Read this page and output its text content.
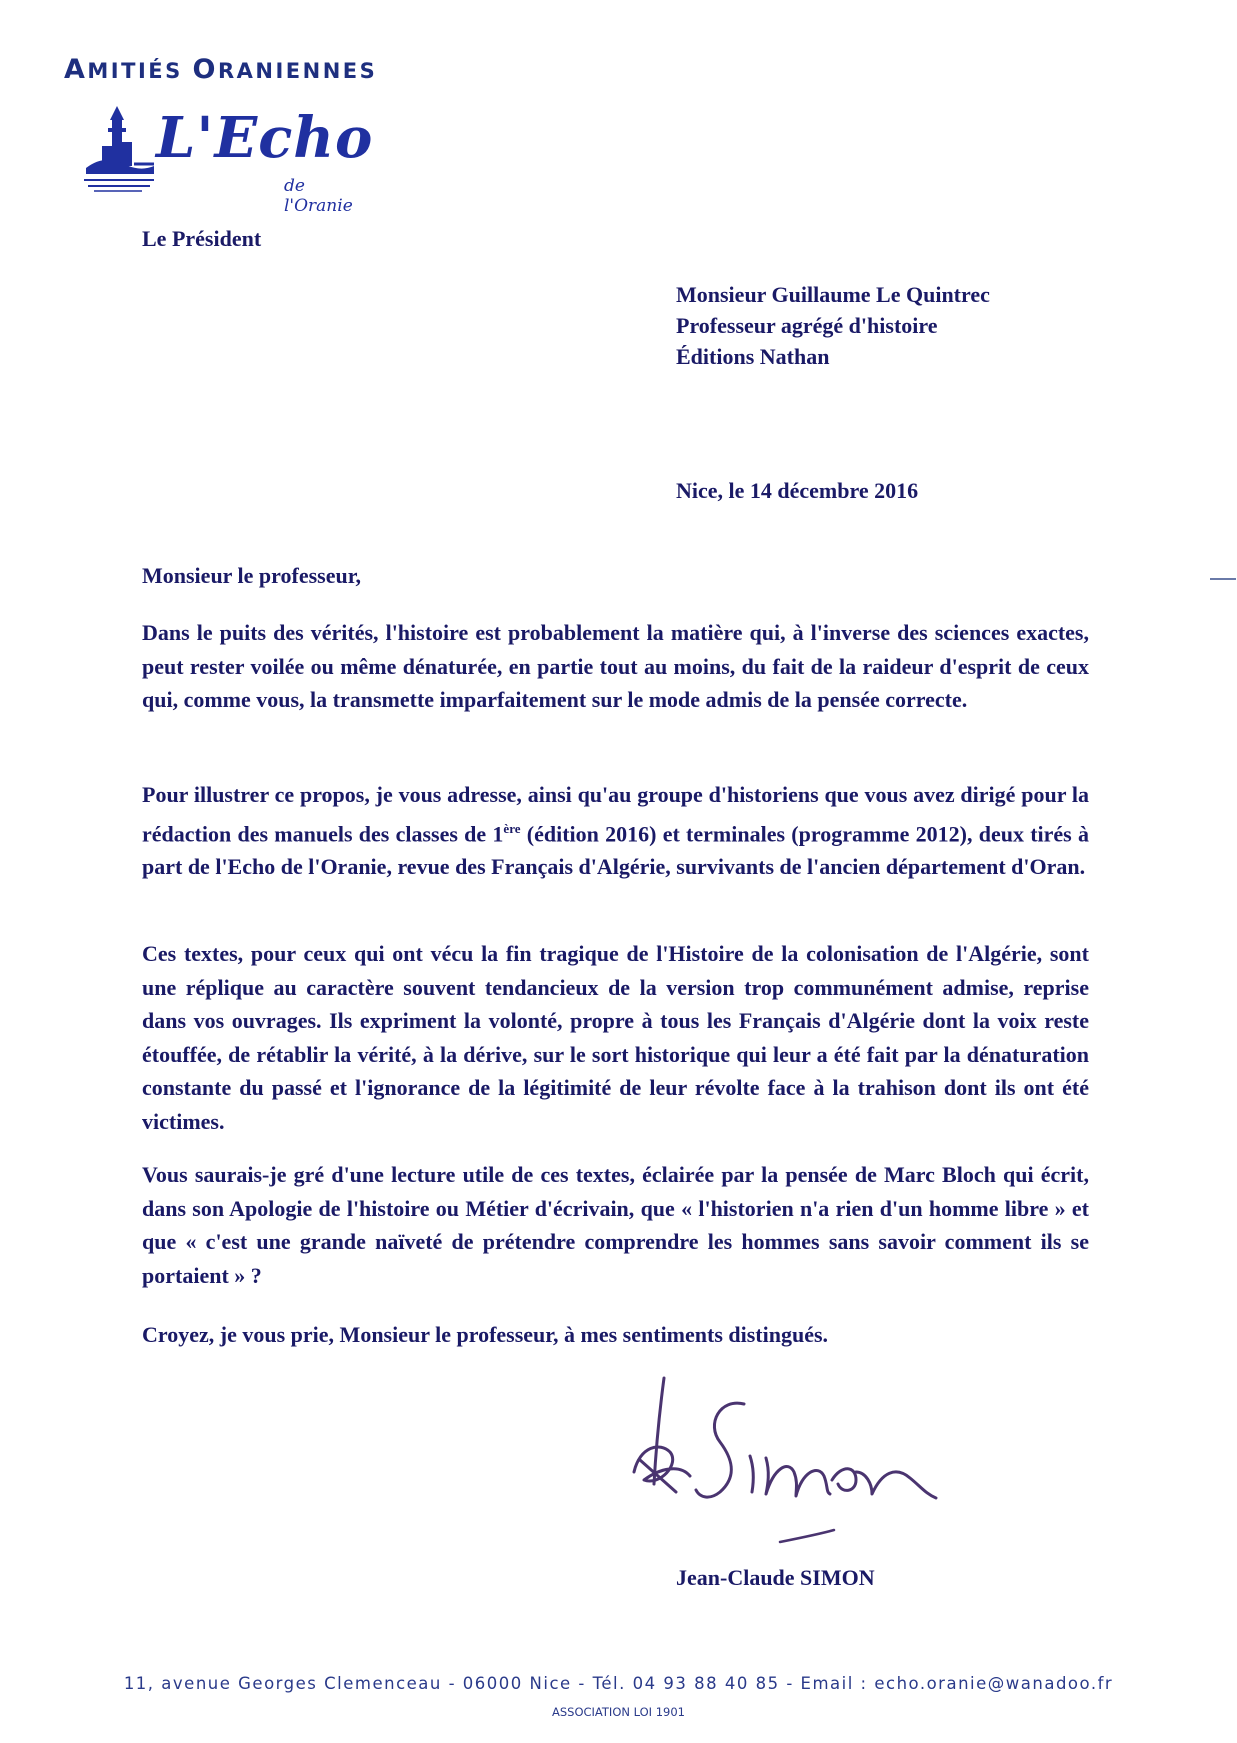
AMITIÉS ORANIENNES
L'Echo
de l'Oranie
Le Président
Monsieur Guillaume Le Quintrec
Professeur agrégé d'histoire
Éditions Nathan
Nice, le 14 décembre 2016
Monsieur le professeur,
Dans le puits des vérités, l'histoire est probablement la matière qui, à l'inverse des sciences exactes, peut rester voilée ou même dénaturée, en partie tout au moins, du fait de la raideur d'esprit de ceux qui, comme vous, la transmette imparfaitement sur le mode admis de la pensée correcte.
Pour illustrer ce propos, je vous adresse, ainsi qu'au groupe d'historiens que vous avez dirigé pour la rédaction des manuels des classes de 1ère (édition 2016) et terminales (programme 2012), deux tirés à part de l'Echo de l'Oranie, revue des Français d'Algérie, survivants de l'ancien département d'Oran.
Ces textes, pour ceux qui ont vécu la fin tragique de l'Histoire de la colonisation de l'Algérie, sont une réplique au caractère souvent tendancieux de la version trop communément admise, reprise dans vos ouvrages. Ils expriment la volonté, propre à tous les Français d'Algérie dont la voix reste étouffée, de rétablir la vérité, à la dérive, sur le sort historique qui leur a été fait par la dénaturation constante du passé et l'ignorance de la légitimité de leur révolte face à la trahison dont ils ont été victimes.
Vous saurais-je gré d'une lecture utile de ces textes, éclairée par la pensée de Marc Bloch qui écrit, dans son Apologie de l'histoire ou Métier d'écrivain, que « l'historien n'a rien d'un homme libre » et que « c'est une grande naïveté de prétendre comprendre les hommes sans savoir comment ils se portaient » ?
Croyez, je vous prie, Monsieur le professeur, à mes sentiments distingués.
Jean-Claude SIMON
11, avenue Georges Clemenceau - 06000 Nice - Tél. 04 93 88 40 85 - Email : echo.oranie@wanadoo.fr
ASSOCIATION LOI 1901
